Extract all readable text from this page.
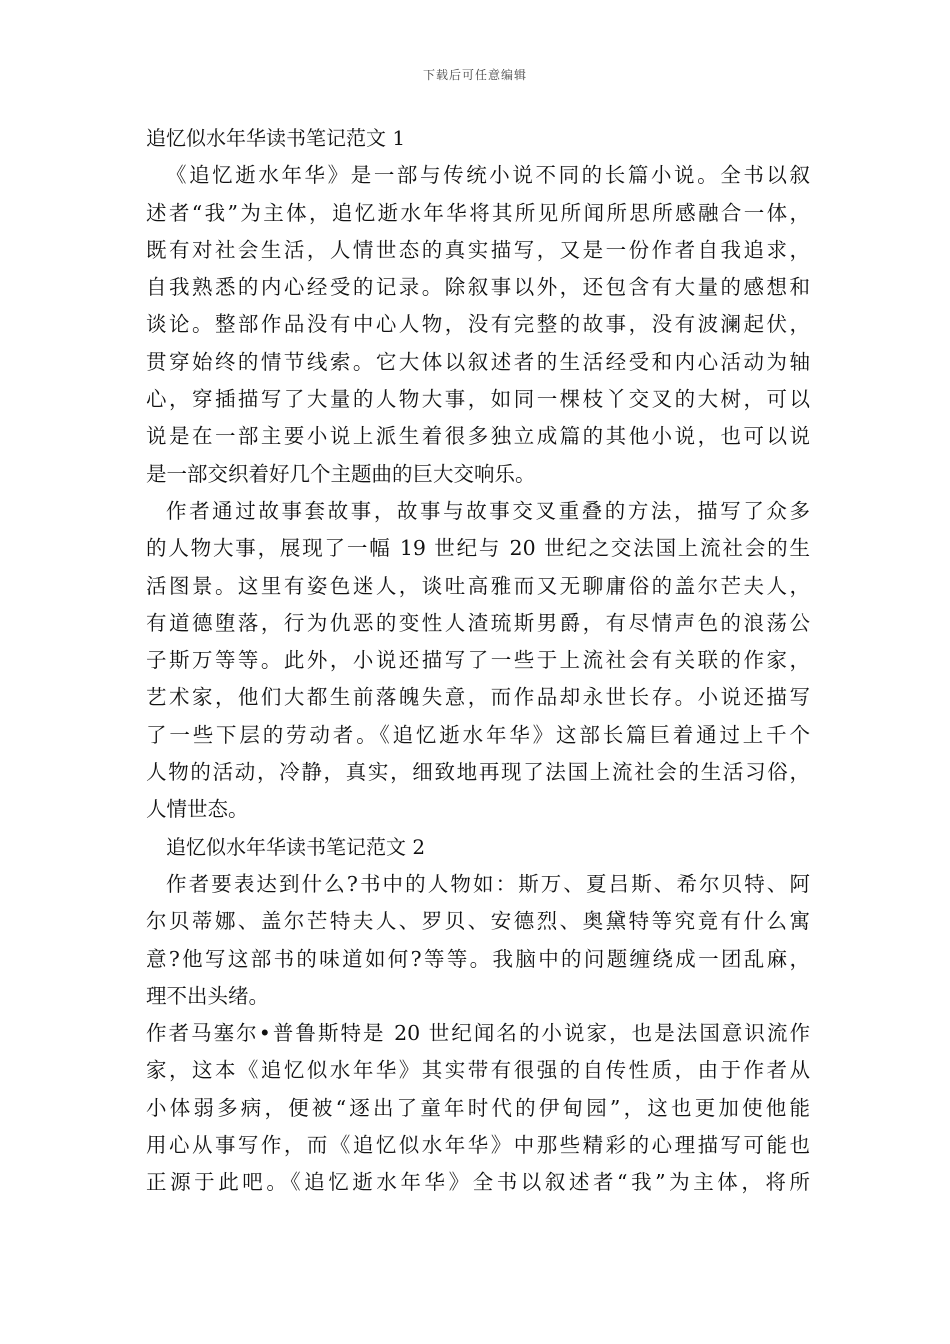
下载后可任意编辑
追忆似水年华读书笔记范文 1
《追忆逝水年华》是一部与传统小说不同的长篇小说。全书以叙
述者“我”为主体，追忆逝水年华将其所见所闻所思所感融合一体，
既有对社会生活，人情世态的真实描写，又是一份作者自我追求，
自我熟悉的内心经受的记录。除叙事以外，还包含有大量的感想和
谈论。整部作品没有中心人物，没有完整的故事，没有波澜起伏，
贯穿始终的情节线索。它大体以叙述者的生活经受和内心活动为轴
心，穿插描写了大量的人物大事，如同一棵枝丫交叉的大树，可以
说是在一部主要小说上派生着很多独立成篇的其他小说，也可以说
是一部交织着好几个主题曲的巨大交响乐。
作者通过故事套故事，故事与故事交叉重叠的方法，描写了众多
的人物大事，展现了一幅 19 世纪与 20 世纪之交法国上流社会的生
活图景。这里有姿色迷人，谈吐高雅而又无聊庸俗的盖尔芒夫人，
有道德堕落，行为仇恶的变性人渣琉斯男爵，有尽情声色的浪荡公
子斯万等等。此外，小说还描写了一些于上流社会有关联的作家，
艺术家，他们大都生前落魄失意，而作品却永世长存。小说还描写
了一些下层的劳动者。《追忆逝水年华》这部长篇巨着通过上千个
人物的活动，冷静，真实，细致地再现了法国上流社会的生活习俗，
人情世态。
追忆似水年华读书笔记范文 2
作者要表达到什么?书中的人物如：斯万、夏吕斯、希尔贝特、阿
尔贝蒂娜、盖尔芒特夫人、罗贝、安德烈、奥黛特等究竟有什么寓
意?他写这部书的味道如何?等等。我脑中的问题缠绕成一团乱麻，
理不出头绪。
作者马塞尔•普鲁斯特是 20 世纪闻名的小说家，也是法国意识流作
家，这本《追忆似水年华》其实带有很强的自传性质，由于作者从
小体弱多病，便被“逐出了童年时代的伊甸园”，这也更加使他能
用心从事写作，而《追忆似水年华》中那些精彩的心理描写可能也
正源于此吧。《追忆逝水年华》全书以叙述者“我”为主体，将所
